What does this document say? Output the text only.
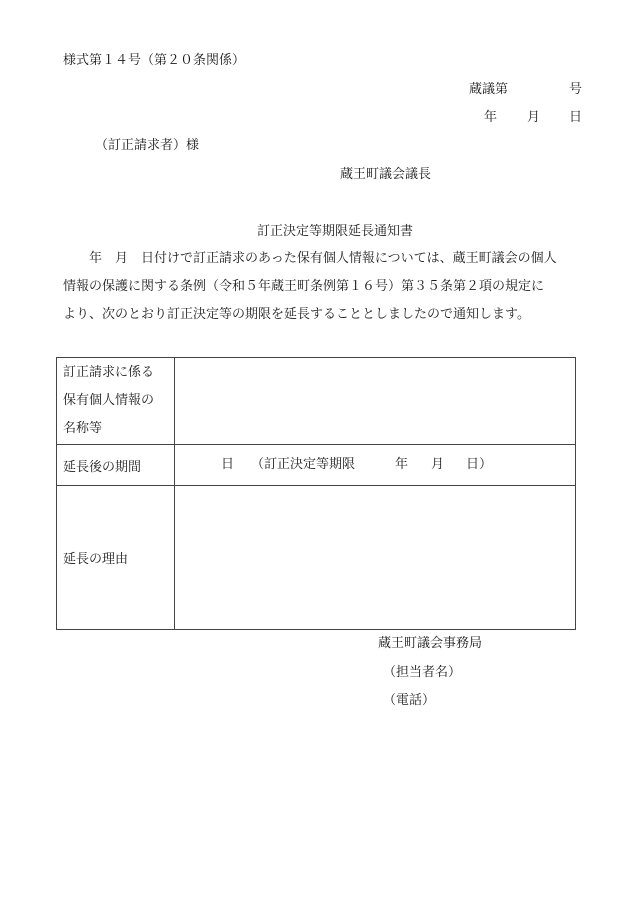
様式第１４号（第２０条関係）
蔵議第	号
年 月 日
（訂正請求者）様
蔵王町議会議長
訂正決定等期限延長通知書
年　月　日付けで訂正請求のあった保有個人情報については、蔵王町議会の個人
情報の保護に関する条例（令和５年蔵王町条例第１６号）第３５条第２項の規定に
より、次のとおり訂正決定等の期限を延長することとしましたので通知します。
訂正請求に係る
保有個人情報の
名称等	

延長後の期間	日 （訂正決定等期限 年 月 日）

延長の理由	
蔵王町議会事務局
（担当者名）
（電話）
